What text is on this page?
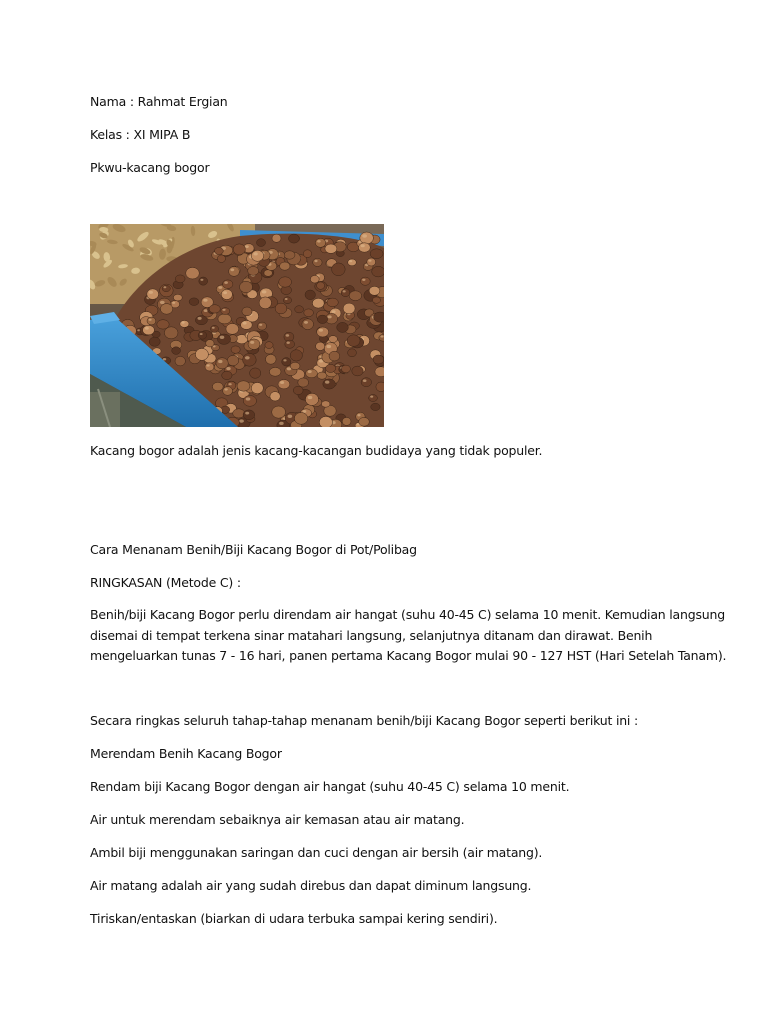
Nama : Rahmat Ergian
Kelas : XI MIPA B
Pkwu-kacang bogor
Kacang bogor adalah jenis kacang-kacangan budidaya yang tidak populer.
Cara Menanam Benih/Biji Kacang Bogor di Pot/Polibag
RINGKASAN (Metode C) :
Benih/biji Kacang Bogor perlu direndam air hangat (suhu 40-45 C) selama 10 menit. Kemudian langsung
disemai di tempat terkena sinar matahari langsung, selanjutnya ditanam dan dirawat. Benih
mengeluarkan tunas 7 - 16 hari, panen pertama Kacang Bogor mulai 90 - 127 HST (Hari Setelah Tanam).
Secara ringkas seluruh tahap-tahap menanam benih/biji Kacang Bogor seperti berikut ini :
Merendam Benih Kacang Bogor
Rendam biji Kacang Bogor dengan air hangat (suhu 40-45 C) selama 10 menit.
Air untuk merendam sebaiknya air kemasan atau air matang.
Ambil biji menggunakan saringan dan cuci dengan air bersih (air matang).
Air matang adalah air yang sudah direbus dan dapat diminum langsung.
Tiriskan/entaskan (biarkan di udara terbuka sampai kering sendiri).
